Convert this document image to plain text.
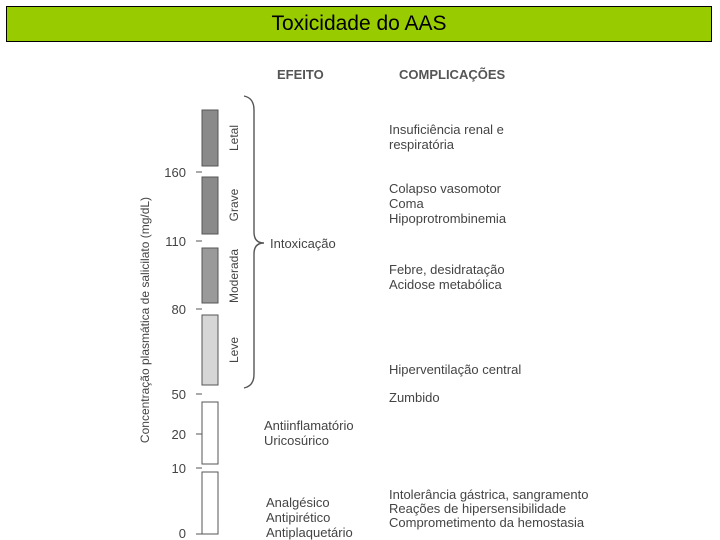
Toxicidade do AAS
EFEITO	COMPLICAÇÕES
Concentração plasmática de salicilato (mg/dL)
160
110
80
50
20
10
0
Letal
Grave
Moderada
Leve
Intoxicação
Antiinflamatório
Uricosúrico
Analgésico
Antipirético
Antiplaquetário
Insuficiência renal e
respiratória
Colapso vasomotor
Coma
Hipoprotrombinemia
Febre, desidratação
Acidose metabólica
Hiperventilação central
Zumbido
Intolerância gástrica, sangramento
Reações de hipersensibilidade
Comprometimento da hemostasia
